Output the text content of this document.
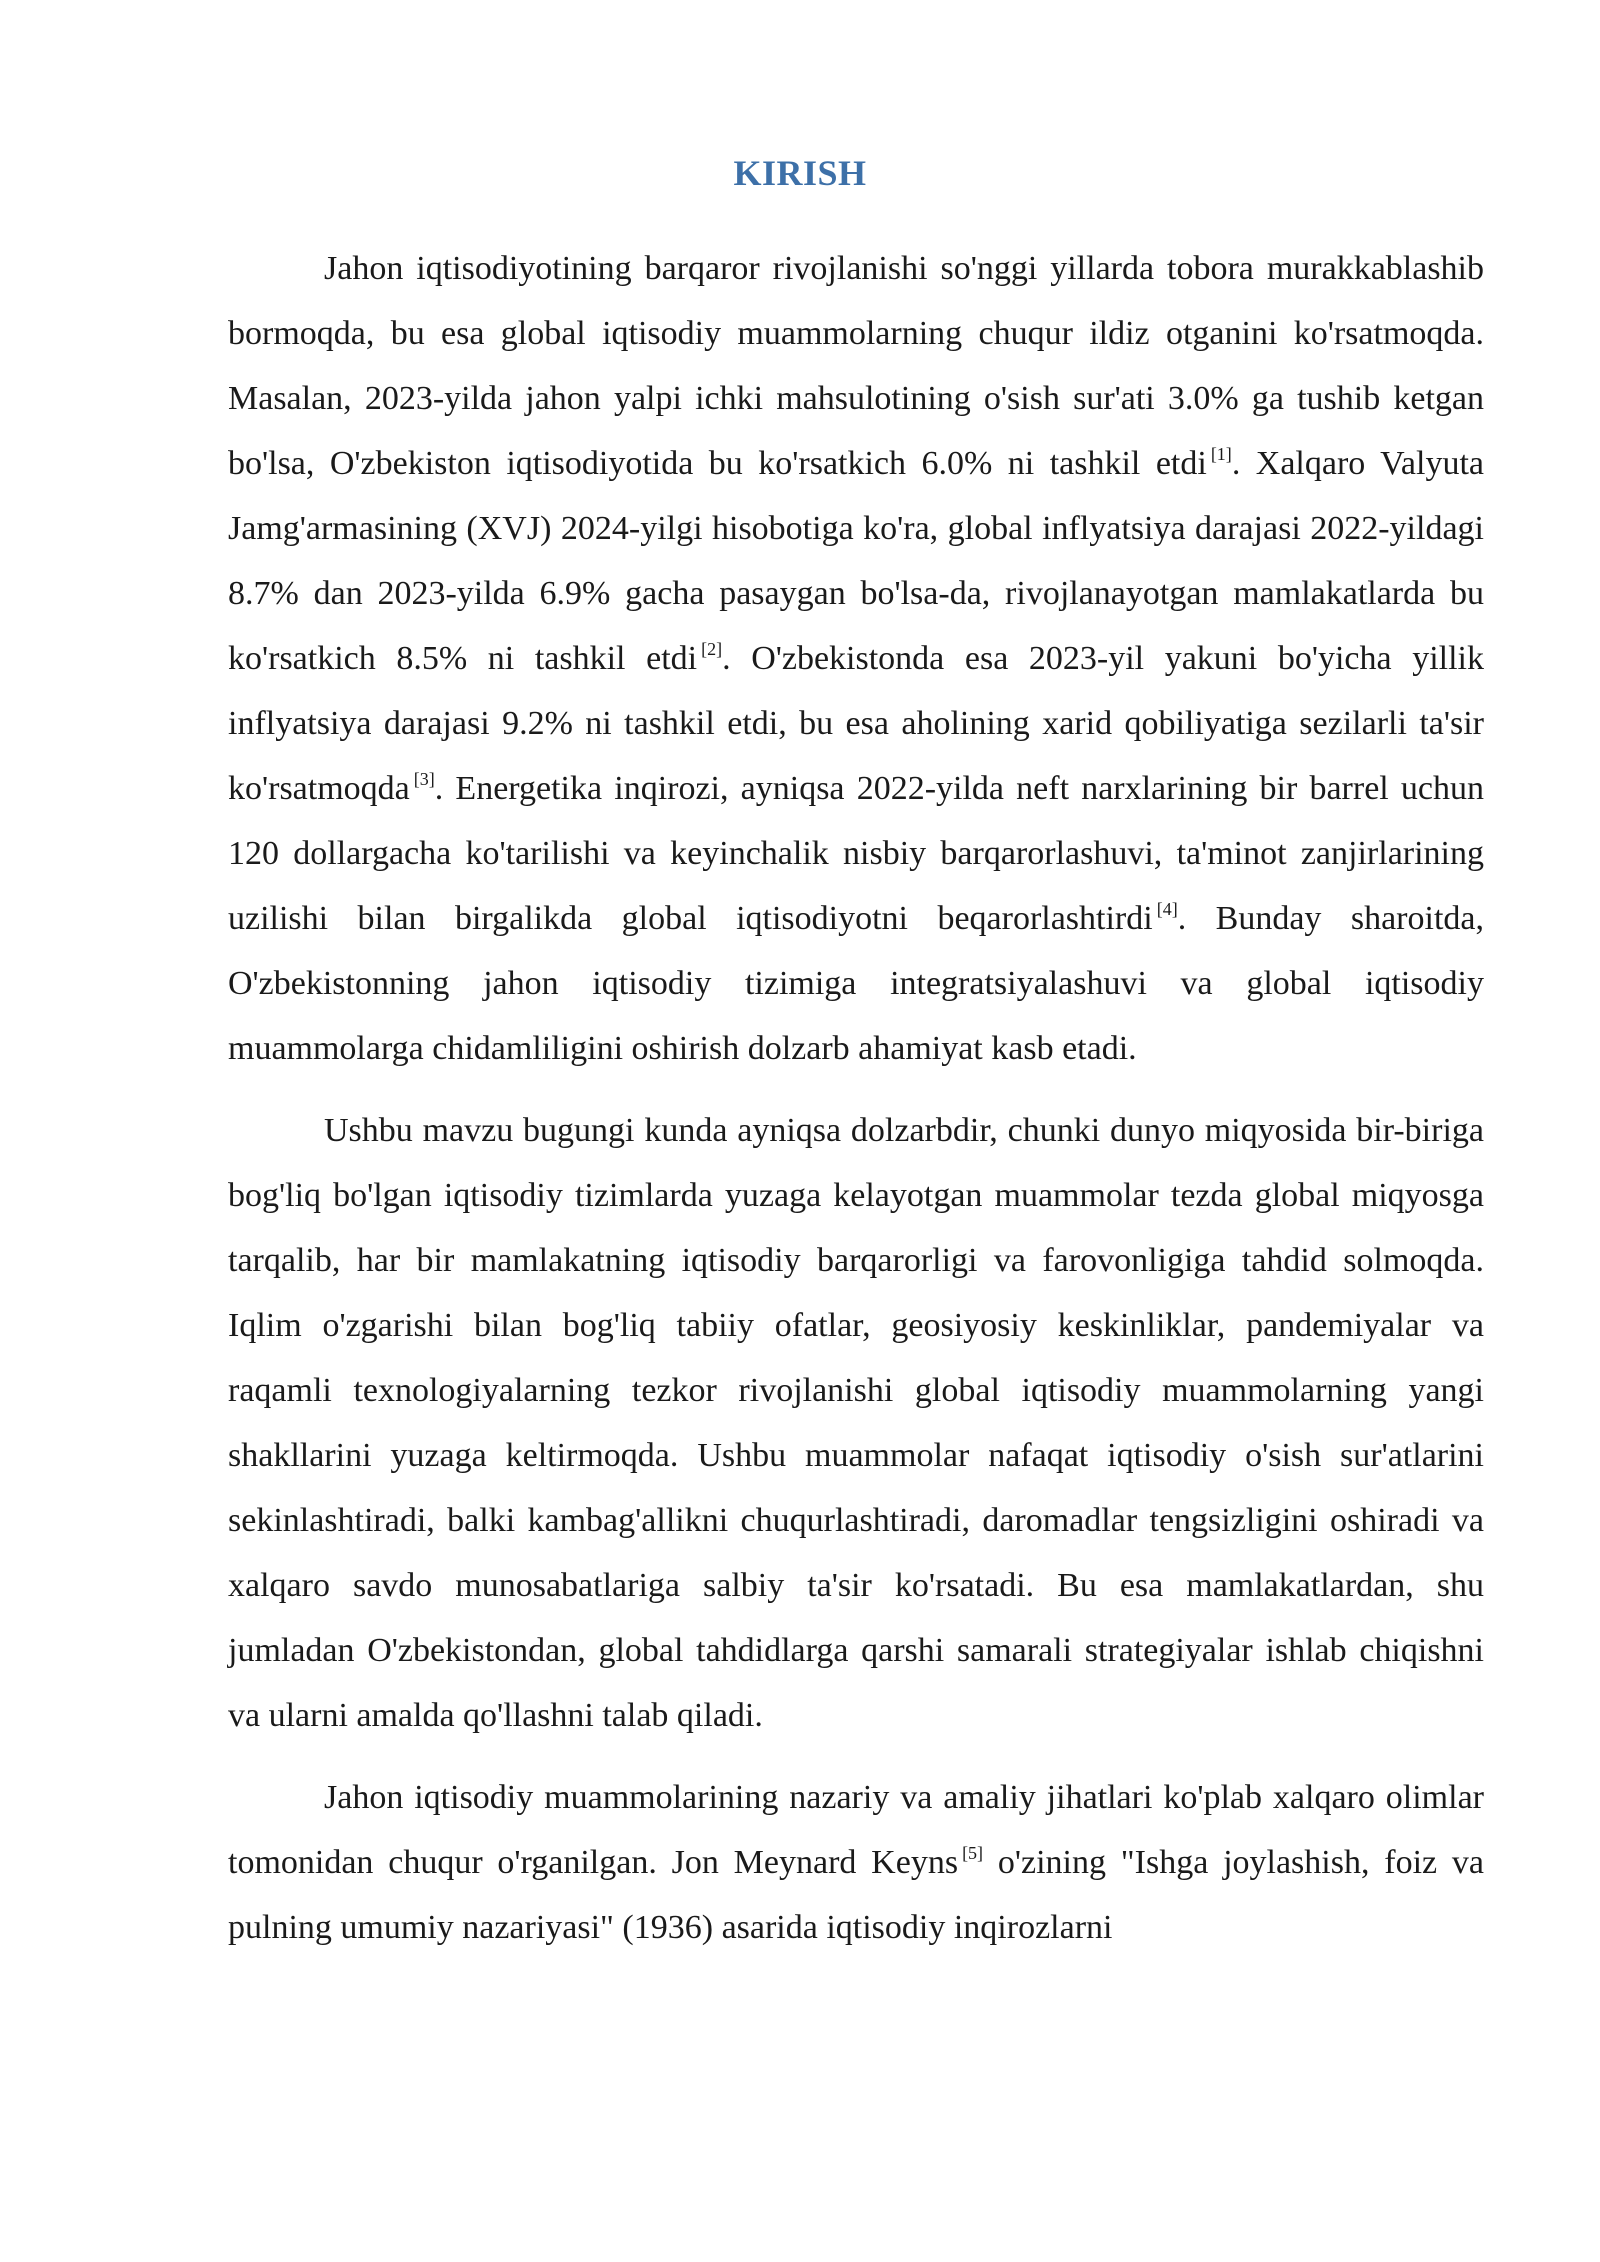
KIRISH

Jahon iqtisodiyotining barqaror rivojlanishi so'nggi yillarda tobora murakkablashib bormoqda, bu esa global iqtisodiy muammolarning chuqur ildiz otganini ko'rsatmoqda. Masalan, 2023-yilda jahon yalpi ichki mahsulotining o'sish sur'ati 3.0% ga tushib ketgan bo'lsa, O'zbekiston iqtisodiyotida bu ko'rsatkich 6.0% ni tashkil etdi [1]. Xalqaro Valyuta Jamg'armasining (XVJ) 2024-yilgi hisobotiga ko'ra, global inflyatsiya darajasi 2022-yildagi 8.7% dan 2023-yilda 6.9% gacha pasaygan bo'lsa-da, rivojlanayotgan mamlakatlarda bu ko'rsatkich 8.5% ni tashkil etdi [2]. O'zbekistonda esa 2023-yil yakuni bo'yicha yillik inflyatsiya darajasi 9.2% ni tashkil etdi, bu esa aholining xarid qobiliyatiga sezilarli ta'sir ko'rsatmoqda [3]. Energetika inqirozi, ayniqsa 2022-yilda neft narxlarining bir barrel uchun 120 dollargacha ko'tarilishi va keyinchalik nisbiy barqarorlashuvi, ta'minot zanjirlarining uzilishi bilan birgalikda global iqtisodiyotni beqarorlashtirdi [4]. Bunday sharoitda, O'zbekistonning jahon iqtisodiy tizimiga integratsiyalashuvi va global iqtisodiy muammolarga chidamliligini oshirish dolzarb ahamiyat kasb etadi.

Ushbu mavzu bugungi kunda ayniqsa dolzarbdir, chunki dunyo miqyosida bir-biriga bog'liq bo'lgan iqtisodiy tizimlarda yuzaga kelayotgan muammolar tezda global miqyosga tarqalib, har bir mamlakatning iqtisodiy barqarorligi va farovonligiga tahdid solmoqda. Iqlim o'zgarishi bilan bog'liq tabiiy ofatlar, geosiyosiy keskinliklar, pandemiyalar va raqamli texnologiyalarning tezkor rivojlanishi global iqtisodiy muammolarning yangi shakllarini yuzaga keltirmoqda. Ushbu muammolar nafaqat iqtisodiy o'sish sur'atlarini sekinlashtiradi, balki kambag'allikni chuqurlashtiradi, daromadlar tengsizligini oshiradi va xalqaro savdo munosabatlariga salbiy ta'sir ko'rsatadi. Bu esa mamlakatlardan, shu jumladan O'zbekistondan, global tahdidlarga qarshi samarali strategiyalar ishlab chiqishni va ularni amalda qo'llashni talab qiladi.

Jahon iqtisodiy muammolarining nazariy va amaliy jihatlari ko'plab xalqaro olimlar tomonidan chuqur o'rganilgan. Jon Meynard Keyns [5] o'zining "Ishga joylashish, foiz va pulning umumiy nazariyasi" (1936) asarida iqtisodiy inqirozlarni
